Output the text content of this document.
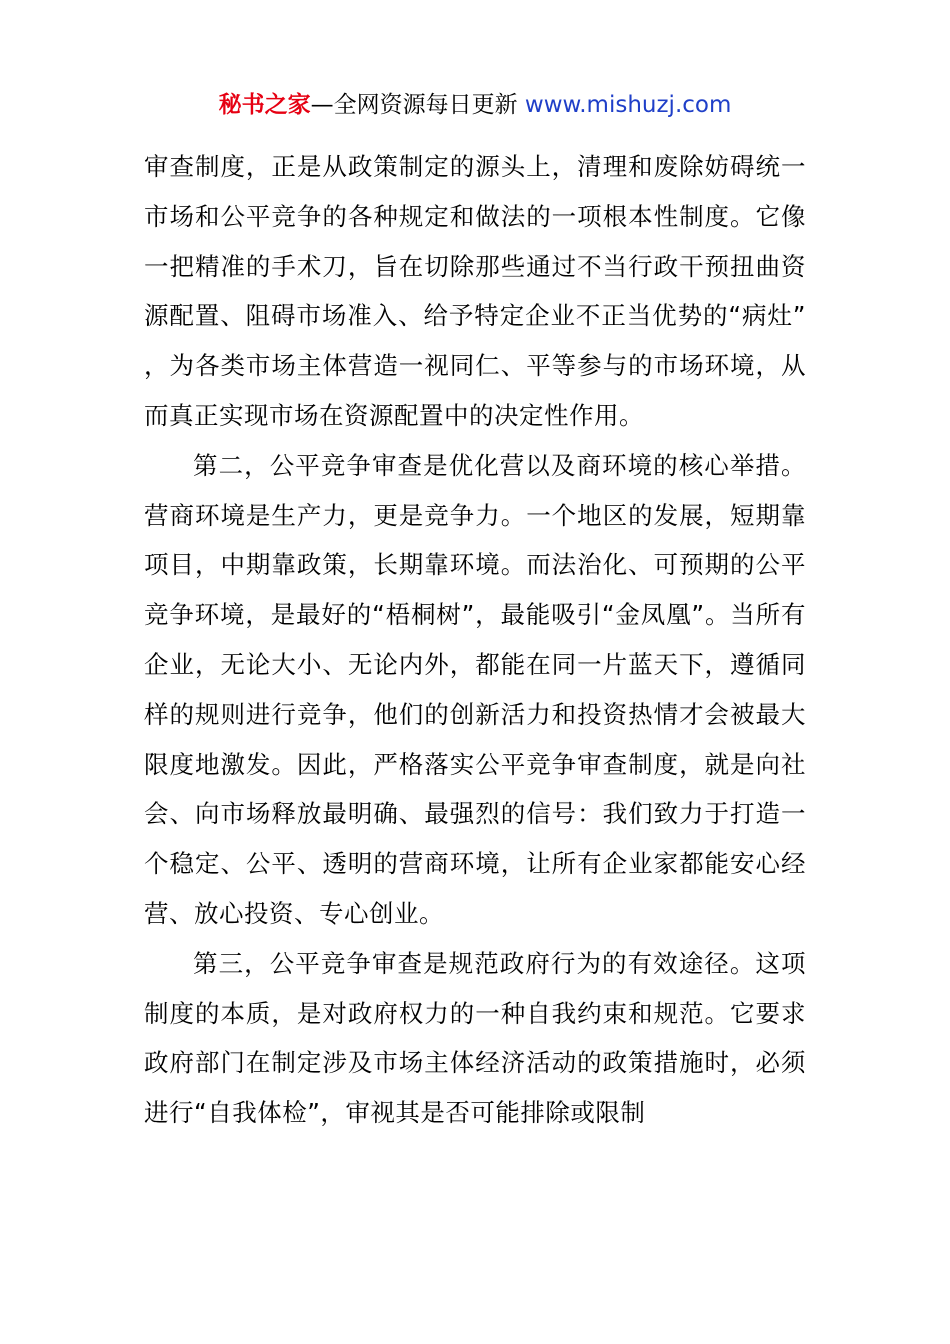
秘书之家—全网资源每日更新 www.mishuzj.com

审查制度，正是从政策制定的源头上，清理和废除妨碍统一市场和公平竞争的各种规定和做法的一项根本性制度。它像一把精准的手术刀，旨在切除那些通过不当行政干预扭曲资源配置、阻碍市场准入、给予特定企业不正当优势的“病灶”，为各类市场主体营造一视同仁、平等参与的市场环境，从而真正实现市场在资源配置中的决定性作用。

第二，公平竞争审查是优化营以及商环境的核心举措。营商环境是生产力，更是竞争力。一个地区的发展，短期靠项目，中期靠政策，长期靠环境。而法治化、可预期的公平竞争环境，是最好的“梧桐树”，最能吸引“金凤凰”。当所有企业，无论大小、无论内外，都能在同一片蓝天下，遵循同样的规则进行竞争，他们的创新活力和投资热情才会被最大限度地激发。因此，严格落实公平竞争审查制度，就是向社会、向市场释放最明确、最强烈的信号：我们致力于打造一个稳定、公平、透明的营商环境，让所有企业家都能安心经营、放心投资、专心创业。

第三，公平竞争审查是规范政府行为的有效途径。这项制度的本质，是对政府权力的一种自我约束和规范。它要求政府部门在制定涉及市场主体经济活动的政策措施时，必须进行“自我体检”，审视其是否可能排除或限制
